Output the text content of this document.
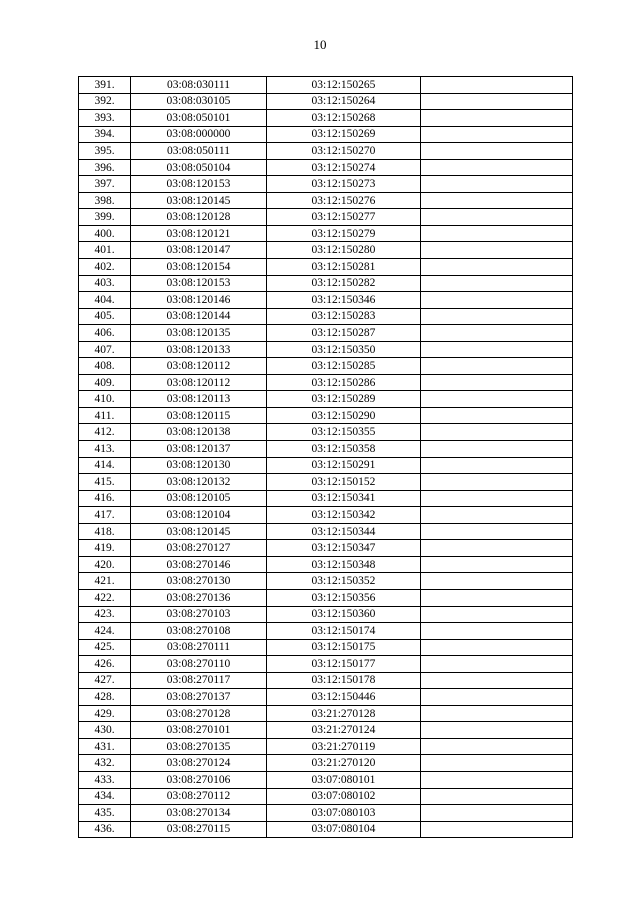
10
391.	03:08:030111	03:12:150265	
392.	03:08:030105	03:12:150264	
393.	03:08:050101	03:12:150268	
394.	03:08:000000	03:12:150269	
395.	03:08:050111	03:12:150270	
396.	03:08:050104	03:12:150274	
397.	03:08:120153	03:12:150273	
398.	03:08:120145	03:12:150276	
399.	03:08:120128	03:12:150277	
400.	03:08:120121	03:12:150279	
401.	03:08:120147	03:12:150280	
402.	03:08:120154	03:12:150281	
403.	03:08:120153	03:12:150282	
404.	03:08:120146	03:12:150346	
405.	03:08:120144	03:12:150283	
406.	03:08:120135	03:12:150287	
407.	03:08:120133	03:12:150350	
408.	03:08:120112	03:12:150285	
409.	03:08:120112	03:12:150286	
410.	03:08:120113	03:12:150289	
411.	03:08:120115	03:12:150290	
412.	03:08:120138	03:12:150355	
413.	03:08:120137	03:12:150358	
414.	03:08:120130	03:12:150291	
415.	03:08:120132	03:12:150152	
416.	03:08:120105	03:12:150341	
417.	03:08:120104	03:12:150342	
418.	03:08:120145	03:12:150344	
419.	03:08:270127	03:12:150347	
420.	03:08:270146	03:12:150348	
421.	03:08:270130	03:12:150352	
422.	03:08:270136	03:12:150356	
423.	03:08:270103	03:12:150360	
424.	03:08:270108	03:12:150174	
425.	03:08:270111	03:12:150175	
426.	03:08:270110	03:12:150177	
427.	03:08:270117	03:12:150178	
428.	03:08:270137	03:12:150446	
429.	03:08:270128	03:21:270128	
430.	03:08:270101	03:21:270124	
431.	03:08:270135	03:21:270119	
432.	03:08:270124	03:21:270120	
433.	03:08:270106	03:07:080101	
434.	03:08:270112	03:07:080102	
435.	03:08:270134	03:07:080103	
436.	03:08:270115	03:07:080104	
